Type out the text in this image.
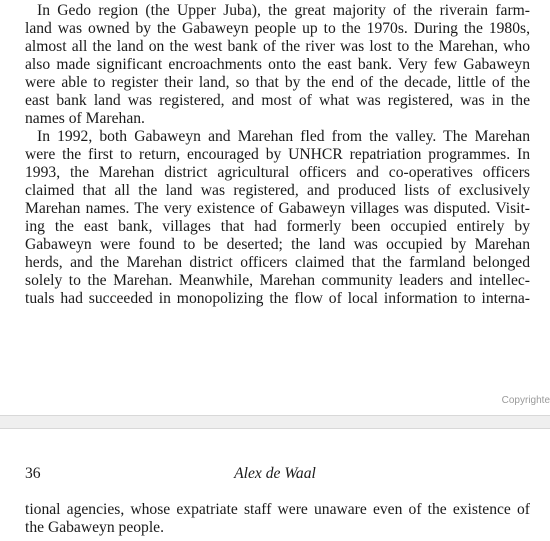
In Gedo region (the Upper Juba), the great majority of the riverain farm-
land was owned by the Gabaweyn people up to the 1970s. During the 1980s,
almost all the land on the west bank of the river was lost to the Marehan, who
also made significant encroachments onto the east bank. Very few Gabaweyn
were able to register their land, so that by the end of the decade, little of the
east bank land was registered, and most of what was registered, was in the
names of Marehan.
In 1992, both Gabaweyn and Marehan fled from the valley. The Marehan
were the first to return, encouraged by UNHCR repatriation programmes. In
1993, the Marehan district agricultural officers and co-operatives officers
claimed that all the land was registered, and produced lists of exclusively
Marehan names. The very existence of Gabaweyn villages was disputed. Visit-
ing the east bank, villages that had formerly been occupied entirely by
Gabaweyn were found to be deserted; the land was occupied by Marehan
herds, and the Marehan district officers claimed that the farmland belonged
solely to the Marehan. Meanwhile, Marehan community leaders and intellec-
tuals had succeeded in monopolizing the flow of local information to interna-
Copyrighte
36	Alex de Waal
tional agencies, whose expatriate staff were unaware even of the existence of
the Gabaweyn people.
